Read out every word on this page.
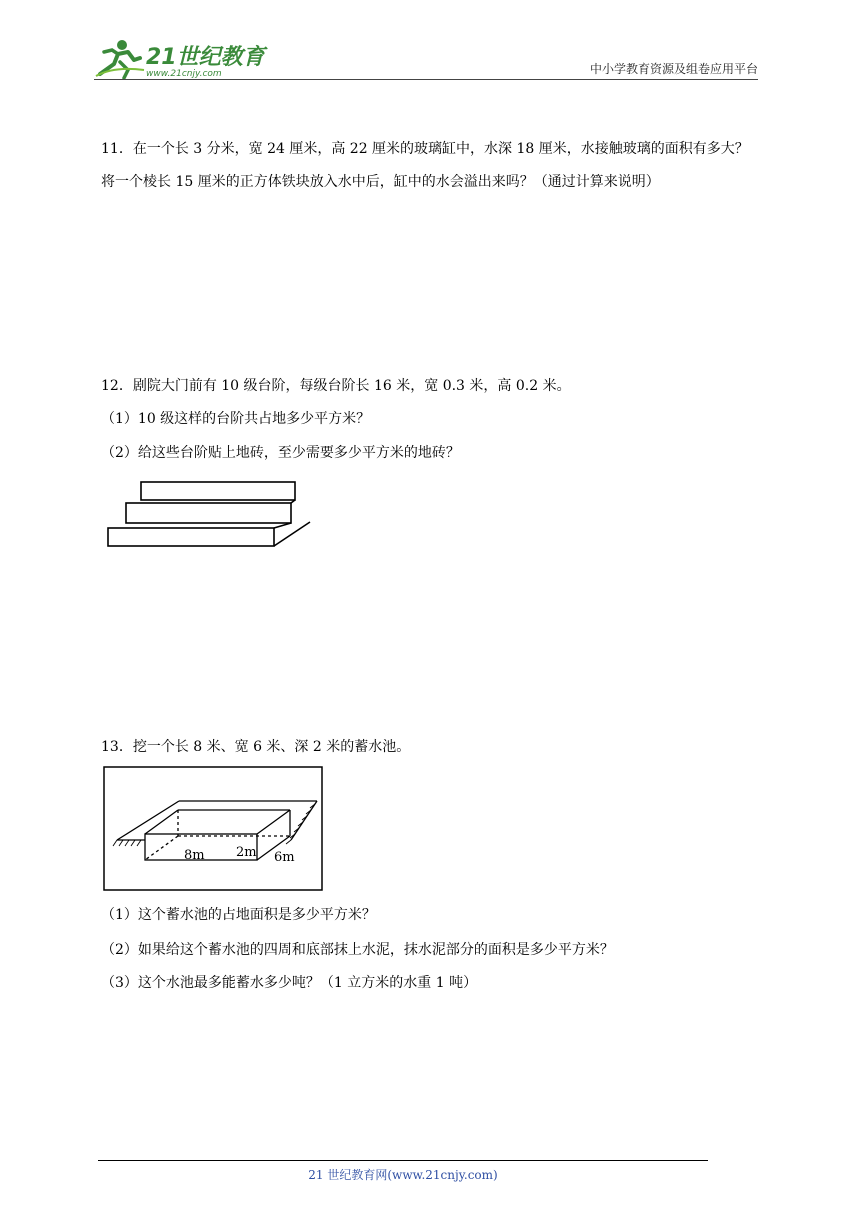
21世纪教育
www.21cnjy.com	中小学教育资源及组卷应用平台
11．在一个长 3 分米，宽 24 厘米，高 22 厘米的玻璃缸中，水深 18 厘米，水接触玻璃的面积有多大？
将一个棱长 15 厘米的正方体铁块放入水中后，缸中的水会溢出来吗？（通过计算来说明）
12．剧院大门前有 10 级台阶，每级台阶长 16 米，宽 0.3 米，高 0.2 米。
（1）10 级这样的台阶共占地多少平方米？
（2）给这些台阶贴上地砖，至少需要多少平方米的地砖？
13．挖一个长 8 米、宽 6 米、深 2 米的蓄水池。
8m 2m 6m
（1）这个蓄水池的占地面积是多少平方米？
（2）如果给这个蓄水池的四周和底部抹上水泥，抹水泥部分的面积是多少平方米？
（3）这个水池最多能蓄水多少吨？（1 立方米的水重 1 吨）
21 世纪教育网(www.21cnjy.com)
